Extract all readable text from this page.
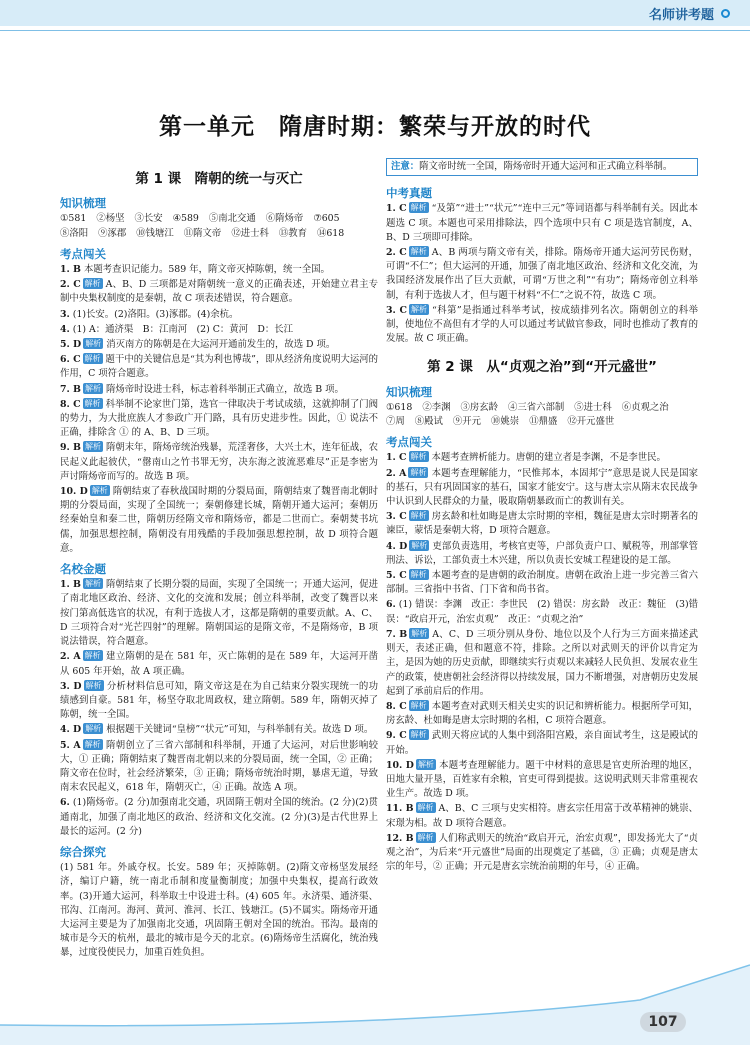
名师讲考题
第一单元　隋唐时期：繁荣与开放的时代
第 1 课　隋朝的统一与灭亡
知识梳理
①581 ②杨坚 ③长安 ④589 ⑤南北交通 ⑥隋炀帝 ⑦605
⑧洛阳 ⑨涿郡 ⑩钱塘江 ⑪隋文帝 ⑫进士科 ⑬教育 ⑭618
考点闯关
1. B 本题考查识记能力。589 年，隋文帝灭掉陈朝，统一全国。
2. C 解析 A、B、D 三项都是对隋朝统一意义的正确表述，开始建立君主专制中央集权制度的是秦朝，故 C 项表述错误，符合题意。
3. (1)长安。(2)洛阳。(3)涿郡。(4)余杭。
4. (1) A：通济渠　B：江南河　(2) C：黄河　D：长江
5. D 解析 消灭南方的陈朝是在大运河开通前发生的，故选 D 项。
6. C 解析 题干中的关键信息是“其为利也博哉”，即从经济角度说明大运河的作用，C 项符合题意。
7. B 解析 隋炀帝时设进士科，标志着科举制正式确立，故选 B 项。
8. C 解析 科举制不论家世门第，选官一律取决于考试成绩，这就抑制了门阀的势力，为大批庶族人才参政广开门路，具有历史进步性。因此，① 说法不正确，排除含 ① 的 A、B、D 三项。
9. B 解析 隋朝末年，隋炀帝统治残暴，荒淫奢侈，大兴土木，连年征战，农民起义此起彼伏，“罄南山之竹书罪无穷，决东海之波流恶难尽”正是李密为声讨隋炀帝而写的。故选 B 项。
10. D 解析 隋朝结束了春秋战国时期的分裂局面，隋朝结束了魏晋南北朝时期的分裂局面，实现了全国统一；秦朝修建长城，隋朝开通大运河；秦朝历经秦始皇和秦二世，隋朝历经隋文帝和隋炀帝，都是二世而亡。秦朝焚书坑儒，加强思想控制，隋朝没有用残酷的手段加强思想控制，故 D 项符合题意。
名校金题
1. B 解析 隋朝结束了长期分裂的局面，实现了全国统一；开通大运河，促进了南北地区政治、经济、文化的交流和发展；创立科举制，改变了魏晋以来按门第高低选官的状况，有利于选拔人才，这都是隋朝的重要贡献。A、C、D 三项符合对“光芒四射”的理解。隋朝国运的是隋文帝，不是隋炀帝，B 项说法错误，符合题意。
2. A 解析 建立隋朝的是在 581 年，灭亡陈朝的是在 589 年，大运河开凿从 605 年开始，故 A 项正确。
3. D 解析 分析材料信息可知，隋文帝这是在为自己结束分裂实现统一的功绩感到自豪。581 年，杨坚夺取北周政权，建立隋朝。589 年，隋朝灭掉了陈朝，统一全国。
4. D 解析 根据题干关键词“皇榜”“状元”可知，与科举制有关。故选 D 项。
5. A 解析 隋朝创立了三省六部制和科举制，开通了大运河，对后世影响较大，① 正确；隋朝结束了魏晋南北朝以来的分裂局面，统一全国，② 正确；隋文帝在位时，社会经济繁荣，③ 正确；隋炀帝统治时期，暴虐无道，导致南末农民起义，618 年，隋朝灭亡，④ 正确。故选 A 项。
6. (1)隋炀帝。(2 分)加强南北交通，巩固隋王朝对全国的统治。(2 分)(2)贯通南北，加强了南北地区的政治、经济和文化交流。(2 分)(3)是古代世界上最长的运河。(2 分)
综合探究
(1) 581 年。外戚夺权。长安。589 年；灭掉陈朝。(2)隋文帝杨坚发展经济，编订户籍，统一南北币制和度量衡制度；加强中央集权，提高行政效率。(3)开通大运河，科举取士中设进士科。(4) 605 年。永济渠、通济渠、邗沟、江南河。海河、黄河、淮河、长江、钱塘江。(5)不属实。隋炀帝开通大运河主要是为了加强南北交通，巩固隋王朝对全国的统治。邗沟。最南的城市是今天的杭州，最北的城市是今天的北京。(6)隋炀帝生活腐化，统治残暴，过度役使民力，加重百姓负担。
注意：隋文帝时统一全国，隋炀帝时开通大运河和正式确立科举制。
中考真题
1. C 解析 “及第”“进士”“状元”“连中三元”等词语都与科举制有关。因此本题选 C 项。本题也可采用排除法，四个选项中只有 C 项是选官制度，A、B、D 三项即可排除。
2. C 解析 A、B 两项与隋文帝有关，排除。隋炀帝开通大运河劳民伤财，可谓“不仁”；但大运河的开通，加强了南北地区政治、经济和文化交流，为我国经济发展作出了巨大贡献，可谓“万世之利”“有功”；隋炀帝创立科举制，有利于选拔人才，但与题干材料“不仁”之说不符，故选 C 项。
3. C 解析 “科第”是指通过科举考试，按成绩排列名次。隋朝创立的科举制，使地位不高但有才学的人可以通过考试做官参政，同时也推动了教育的发展。故 C 项正确。
第 2 课　从“贞观之治”到“开元盛世”
知识梳理
①618 ②李渊 ③房玄龄 ④三省六部制 ⑤进士科 ⑥贞观之治
⑦周 ⑧殿试 ⑨开元 ⑩姚崇 ⑪鼎盛 ⑫开元盛世
考点闯关
1. C 解析 本题考查辨析能力。唐朝的建立者是李渊，不是李世民。
2. A 解析 本题考查理解能力，“民惟邦本，本固邦宁”意思是说人民是国家的基石，只有巩固国家的基石，国家才能安宁。这与唐太宗从隋末农民战争中认识到人民群众的力量，吸取隋朝暴政而亡的教训有关。
3. C 解析 房玄龄和杜如晦是唐太宗时期的宰相，魏征是唐太宗时期著名的谏臣，蒙恬是秦朝大将，D 项符合题意。
4. D 解析 吏部负责选用，考核官吏等，户部负责户口、赋税等，刑部掌管刑法、诉讼，工部负责土木兴建，所以负责长安城工程建设的是工部。
5. C 解析 本题考查的是唐朝的政治制度。唐朝在政治上进一步完善三省六部制。三省指中书省、门下省和尚书省。
6. (1) 错误：李渊　改正：李世民　(2) 错误：房玄龄　改正：魏征　(3)错误：“政启开元，治宏贞观”　改正：“贞观之治”
7. B 解析 A、C、D 三项分别从身份、地位以及个人行为三方面来描述武则天，表述正确，但和题意不符，排除。之所以对武则天的评价以肯定为主，是因为她的历史贡献，即继续实行贞观以来减轻人民负担、发展农业生产的政策，使唐朝社会经济得以持续发展，国力不断增强，对唐朝历史发展起到了承前启后的作用。
8. C 解析 本题考查对武则天相关史实的识记和辨析能力。根据所学可知，房玄龄、杜如晦是唐太宗时期的名相，C 项符合题意。
9. C 解析 武则天将应试的人集中到洛阳宫殿，亲自面试考生，这是殿试的开始。
10. D 解析 本题考查理解能力。题干中材料的意思是官吏所治理的地区，田地大量开垦，百姓家有余粮，官吏可得到提拔。这说明武则天非常重视农业生产。故选 D 项。
11. B 解析 A、B、C 三项与史实相符。唐玄宗任用富于改革精神的姚崇、宋璟为相。故 D 项符合题意。
12. B 解析 人们称武则天的统治“政启开元，治宏贞观”，即发扬光大了“贞观之治”，为后来“开元盛世”局面的出现奠定了基础，③ 正确；贞观是唐太宗的年号，② 正确；开元是唐玄宗统治前期的年号，④ 正确。
107
